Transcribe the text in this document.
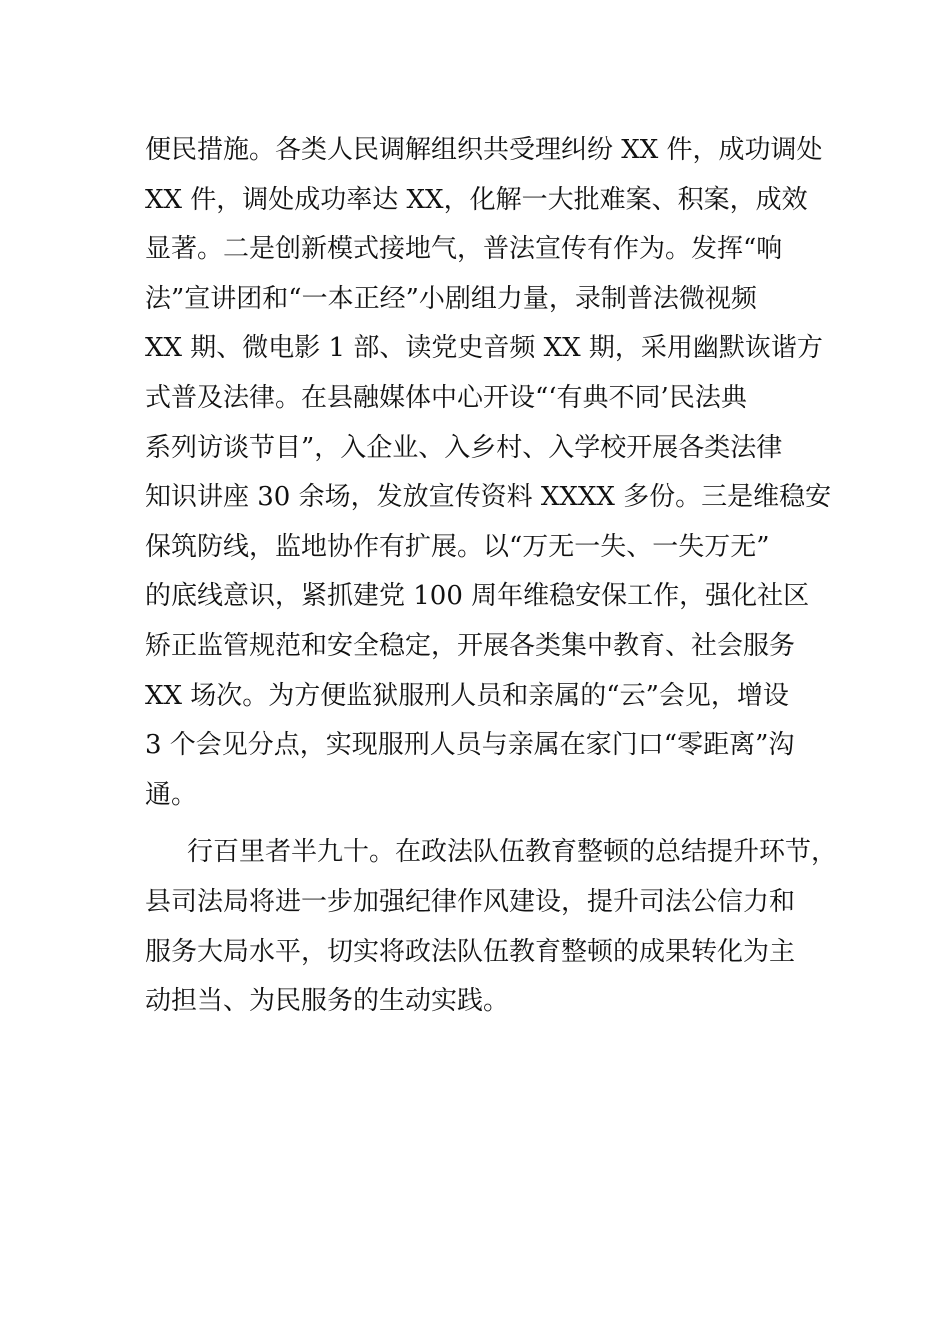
便民措施。各类人民调解组织共受理纠纷 XX 件，成功调处
XX 件，调处成功率达 XX，化解一大批难案、积案，成效
显著。二是创新模式接地气，普法宣传有作为。发挥“响
法”宣讲团和“一本正经”小剧组力量，录制普法微视频
XX 期、微电影 1 部、读党史音频 XX 期，采用幽默诙谐方
式普及法律。在县融媒体中心开设“‘有典不同’民法典
系列访谈节目”，入企业、入乡村、入学校开展各类法律
知识讲座 30 余场，发放宣传资料 XXXX 多份。三是维稳安
保筑防线，监地协作有扩展。以“万无一失、一失万无”
的底线意识，紧抓建党 100 周年维稳安保工作，强化社区
矫正监管规范和安全稳定，开展各类集中教育、社会服务
XX 场次。为方便监狱服刑人员和亲属的“云”会见，增设
3 个会见分点，实现服刑人员与亲属在家门口“零距离”沟
通。
行百里者半九十。在政法队伍教育整顿的总结提升环节，
县司法局将进一步加强纪律作风建设，提升司法公信力和
服务大局水平，切实将政法队伍教育整顿的成果转化为主
动担当、为民服务的生动实践。
